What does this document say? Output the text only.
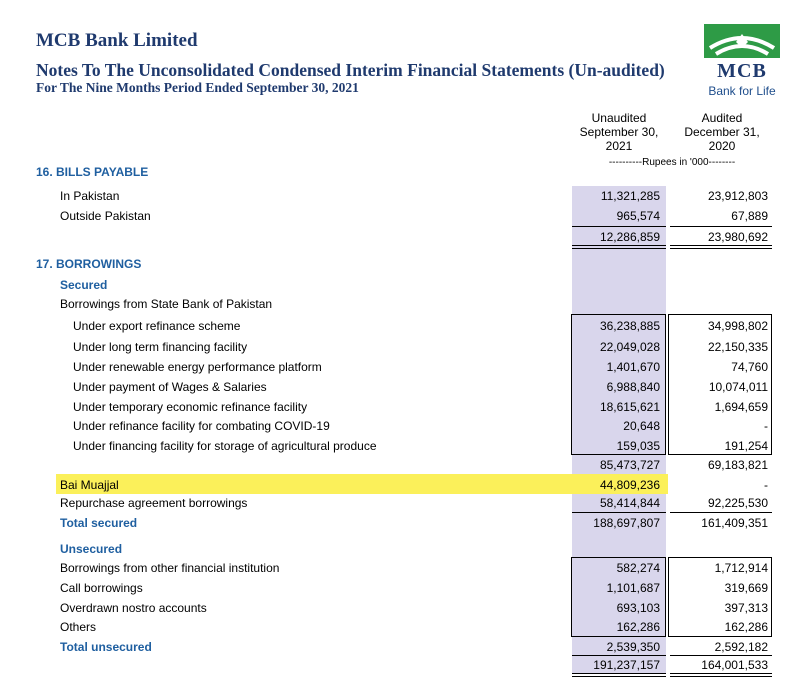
MCB Bank Limited
Notes To The Unconsolidated Condensed Interim Financial Statements (Un-audited)
For The Nine Months Period Ended September 30, 2021
MCB
Bank for Life
Unaudited
September 30,
2021
Audited
December 31,
2020
----------Rupees in '000--------
16. BILLS PAYABLE
In Pakistan	11,321,285	23,912,803
Outside Pakistan	965,574	67,889
12,286,859	23,980,692
17. BORROWINGS
Secured
Borrowings from State Bank of Pakistan
Under export refinance scheme	36,238,885	34,998,802
Under long term financing facility	22,049,028	22,150,335
Under renewable energy performance platform	1,401,670	74,760
Under payment of Wages & Salaries	6,988,840	10,074,011
Under temporary economic refinance facility	18,615,621	1,694,659
Under refinance facility for combating COVID-19	20,648	-
Under financing facility for storage of agricultural produce	159,035	191,254
85,473,727	69,183,821
Bai Muajjal	44,809,236	-
Repurchase agreement borrowings	58,414,844	92,225,530
Total secured	188,697,807	161,409,351
Unsecured
Borrowings from other financial institution	582,274	1,712,914
Call borrowings	1,101,687	319,669
Overdrawn nostro accounts	693,103	397,313
Others	162,286	162,286
Total unsecured	2,539,350	2,592,182
191,237,157	164,001,533
